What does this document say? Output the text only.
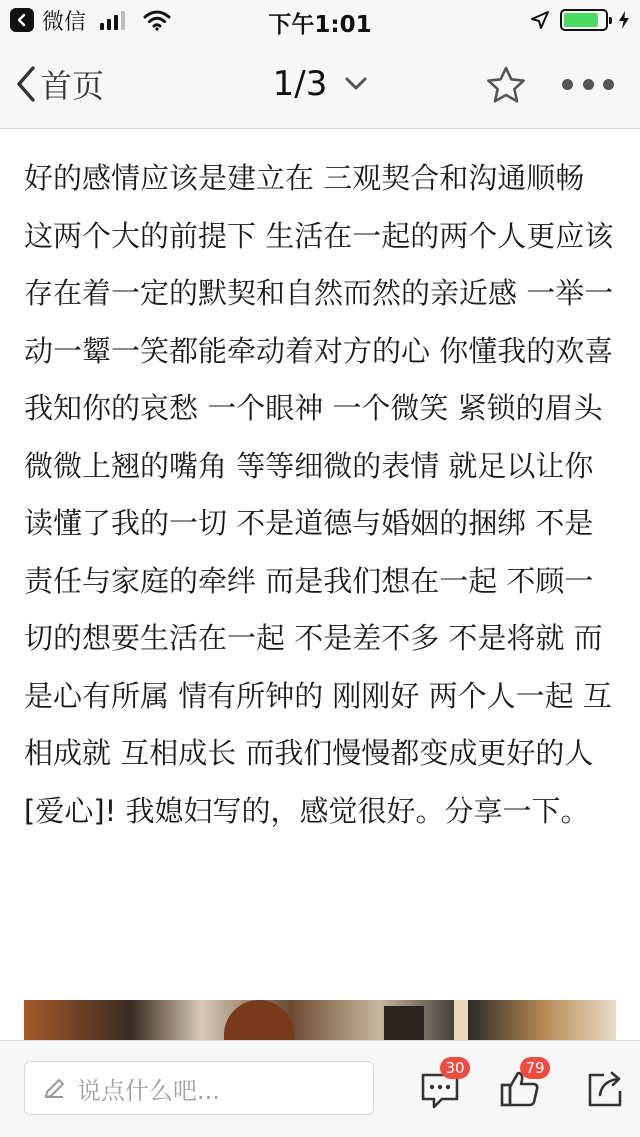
微信	下午1:01
首页	1/3

好的感情应该是建立在 三观契合和沟通顺畅 这两个大的前提下 生活在一起的两个人更应该存在着一定的默契和自然而然的亲近感 一举一动一颦一笑都能牵动着对方的心 你懂我的欢喜 我知你的哀愁 一个眼神 一个微笑 紧锁的眉头 微微上翘的嘴角 等等细微的表情 就足以让你读懂了我的一切 不是道德与婚姻的捆绑 不是责任与家庭的牵绊 而是我们想在一起 不顾一切的想要生活在一起 不是差不多 不是将就 而是心有所属 情有所钟的 刚刚好 两个人一起 互相成就 互相成长 而我们慢慢都变成更好的人 [爱心]! 我媳妇写的，感觉很好。分享一下。

说点什么吧...
30	79
